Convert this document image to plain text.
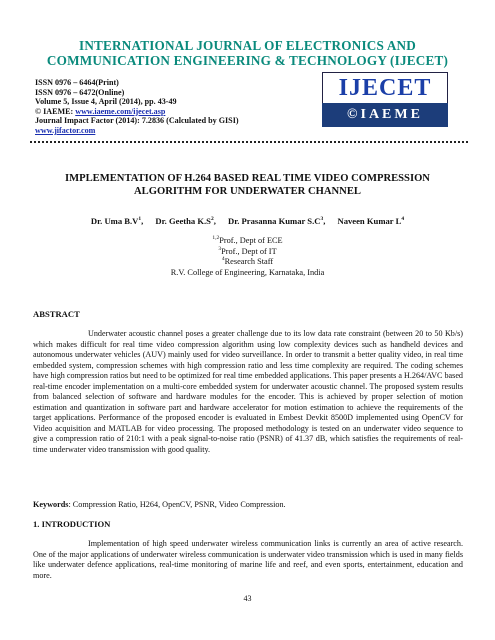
INTERNATIONAL JOURNAL OF ELECTRONICS AND
COMMUNICATION ENGINEERING & TECHNOLOGY (IJECET)
ISSN 0976 – 6464(Print)
ISSN 0976 – 6472(Online)
Volume 5, Issue 4, April (2014), pp. 43-49
© IAEME: www.iaeme.com/ijecet.asp
Journal Impact Factor (2014): 7.2836 (Calculated by GISI)
www.jifactor.com
IJECET
©IAEME
IMPLEMENTATION OF H.264 BASED REAL TIME VIDEO COMPRESSION
ALGORITHM FOR UNDERWATER CHANNEL
Dr. Uma $B.V^1$, Dr. Geetha $K.S^2$, Dr. Prasanna Kumar $S.C^3$, Naveen Kumar $L^4$
$^{1,2}$Prof., Dept of ECE
$^3$Prof., Dept of IT
$^4$Research Staff
R.V. College of Engineering, Karnataka, India
ABSTRACT

Underwater acoustic channel poses a greater challenge due to its low data rate constraint (between 20 to 50 Kb/s) which makes difficult for real time video compression algorithm using low complexity devices such as handheld devices and autonomous underwater vehicles (AUV) mainly used for video surveillance. In order to transmit a better quality video, in real time embedded system, compression schemes with high compression ratio and less time complexity are required. The coding schemes have high compression ratios but need to be optimized for real time embedded applications. This paper presents a H.264/AVC based real-time encoder implementation on a multi-core embedded system for underwater acoustic channel. The proposed system results from balanced selection of software and hardware modules for the encoder. This is achieved by proper selection of motion estimation and quantization in software part and hardware accelerator for motion estimation to achieve the requirements of the target applications. Performance of the proposed encoder is evaluated in Embest Devkit 8500D implemented using OpenCV for Video acquisition and MATLAB for video processing. The proposed methodology is tested on an underwater video sequence to give a compression ratio of 210:1 with a peak signal-to-noise ratio (PSNR) of 41.37 dB, which satisfies the requirements of real-time underwater video transmission with good quality.

Keywords: Compression Ratio, H264, OpenCV, PSNR, Video Compression.
1. INTRODUCTION

Implementation of high speed underwater wireless communication links is currently an area of active research. One of the major applications of underwater wireless communication is underwater video transmission which is used in many fields like underwater defence applications, real-time monitoring of marine life and reef, and even sports, entertainment, education and more.

43
